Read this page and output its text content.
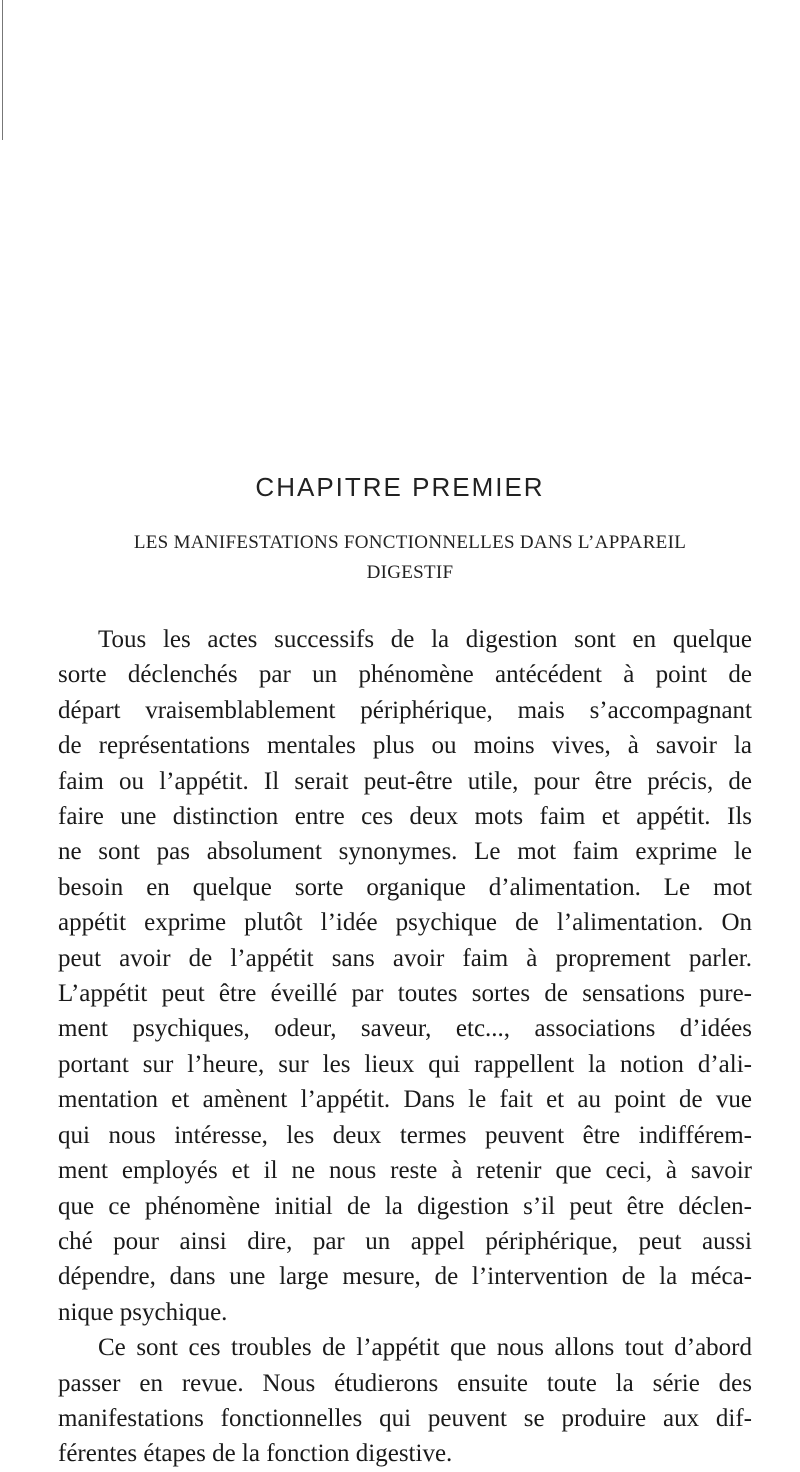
CHAPITRE PREMIER
LES MANIFESTATIONS FONCTIONNELLES DANS L’APPAREIL
DIGESTIF
Tous les actes successifs de la digestion sont en quelque
sorte déclenchés par un phénomène antécédent à point de
départ vraisemblablement périphérique, mais s’accompagnant
de représentations mentales plus ou moins vives, à savoir la
faim ou l’appétit. Il serait peut-être utile, pour être précis, de
faire une distinction entre ces deux mots faim et appétit. Ils
ne sont pas absolument synonymes. Le mot faim exprime le
besoin en quelque sorte organique d’alimentation. Le mot
appétit exprime plutôt l’idée psychique de l’alimentation. On
peut avoir de l’appétit sans avoir faim à proprement parler.
L’appétit peut être éveillé par toutes sortes de sensations pure-
ment psychiques, odeur, saveur, etc..., associations d’idées
portant sur l’heure, sur les lieux qui rappellent la notion d’ali-
mentation et amènent l’appétit. Dans le fait et au point de vue
qui nous intéresse, les deux termes peuvent être indifférem-
ment employés et il ne nous reste à retenir que ceci, à savoir
que ce phénomène initial de la digestion s’il peut être déclen-
ché pour ainsi dire, par un appel périphérique, peut aussi
dépendre, dans une large mesure, de l’intervention de la méca-
nique psychique.
Ce sont ces troubles de l’appétit que nous allons tout d’abord
passer en revue. Nous étudierons ensuite toute la série des
manifestations fonctionnelles qui peuvent se produire aux dif-
férentes étapes de la fonction digestive.
